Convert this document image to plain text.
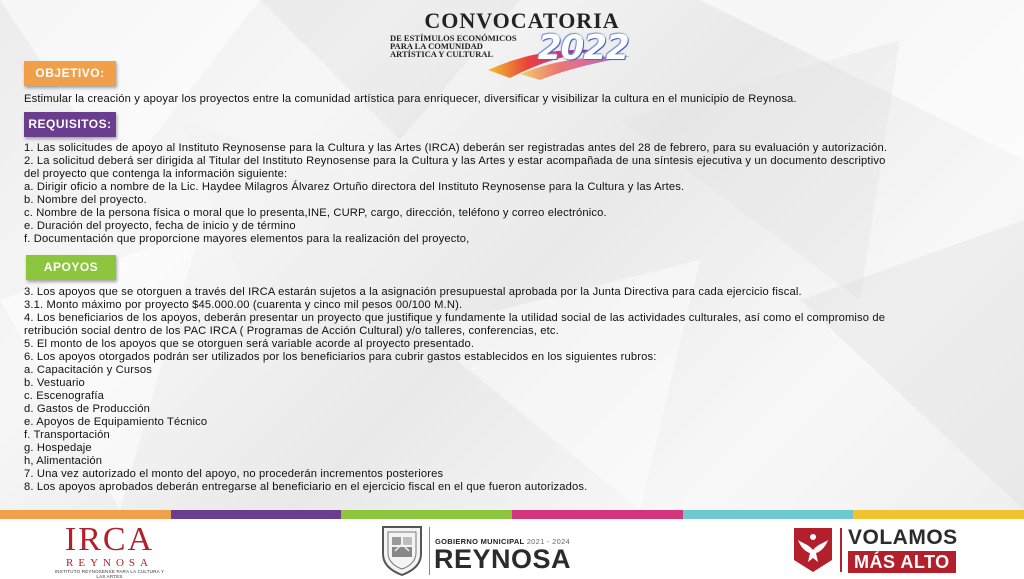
CONVOCATORIA
DE ESTÍMULOS ECONÓMICOS
PARA LA COMUNIDAD
ARTÍSTICA Y CULTURAL	2022
OBJETIVO:
Estimular la creación y apoyar los proyectos entre la comunidad artística para enriquecer, diversificar y visibilizar la cultura en el municipio de Reynosa.
REQUISITOS:
1. Las solicitudes de apoyo al Instituto Reynosense para la Cultura y las Artes (IRCA) deberán ser registradas antes del 28 de febrero, para su evaluación y autorización.
2. La solicitud deberá ser dirigida al Titular del Instituto Reynosense para la Cultura y las Artes y estar acompañada de una síntesis ejecutiva y un documento descriptivo
del proyecto que contenga la información siguiente:
a. Dirigir oficio a nombre de la Lic. Haydee Milagros Álvarez Ortuño directora del Instituto Reynosense para la Cultura y las Artes.
b. Nombre del proyecto.
c. Nombre de la persona física o moral que lo presenta,INE, CURP, cargo, dirección, teléfono y correo electrónico.
e. Duración del proyecto, fecha de inicio y de término
f. Documentación que proporcione mayores elementos para la realización del proyecto,
APOYOS
3. Los apoyos que se otorguen a través del IRCA estarán sujetos a la asignación presupuestal aprobada por la Junta Directiva para cada ejercicio fiscal.
3.1. Monto máximo por proyecto $45.000.00 (cuarenta y cinco mil pesos 00/100 M.N).
4. Los beneficiarios de los apoyos, deberán presentar un proyecto que justifique y fundamente la utilidad social de las actividades culturales, así como el compromiso de
retribución social dentro de los PAC IRCA ( Programas de Acción Cultural) y/o talleres, conferencias, etc.
5. El monto de los apoyos que se otorguen será variable acorde al proyecto presentado.
6. Los apoyos otorgados podrán ser utilizados por los beneficiarios para cubrir gastos establecidos en los siguientes rubros:
a. Capacitación y Cursos
b. Vestuario
c. Escenografía
d. Gastos de Producción
e. Apoyos de Equipamiento Técnico
f. Transportación
g. Hospedaje
h, Alimentación
7. Una vez autorizado el monto del apoyo, no procederán incrementos posteriores
8. Los apoyos aprobados deberán entregarse al beneficiario en el ejercicio fiscal en el que fueron autorizados.
IRCA
REYNOSA
INSTITUTO REYNOSENSE PARA LA CULTURA Y LAS ARTES
GOBIERNO MUNICIPAL 2021 - 2024
REYNOSA
VOLAMOS
MÁS ALTO
